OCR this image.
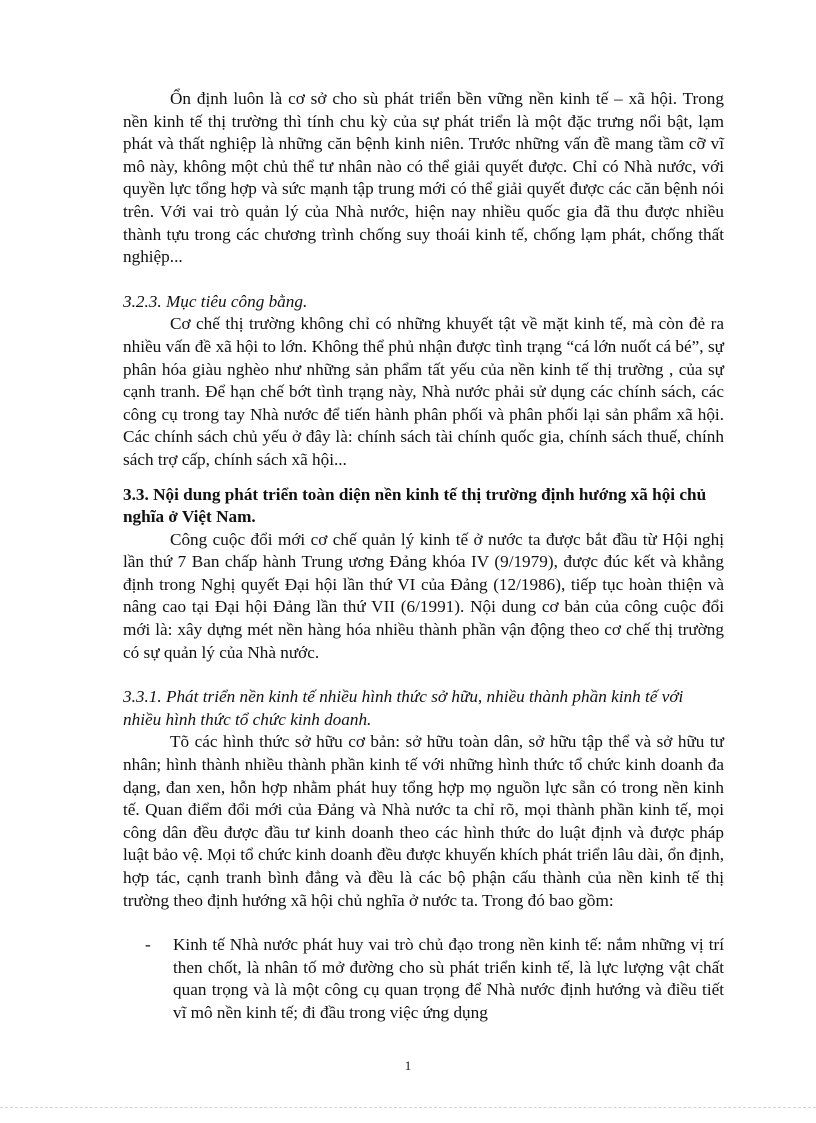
Ổn định luôn là cơ sở cho sù phát triển bền vững nền kinh tế – xã hội. Trong nền kinh tế thị trường thì tính chu kỳ của sự phát triển là một đặc trưng nổi bật, lạm phát và thất nghiệp là những căn bệnh kinh niên. Trước những vấn đề mang tầm cỡ vĩ mô này, không một chủ thể tư nhân nào có thể giải quyết được. Chỉ có Nhà nước, với quyền lực tổng hợp và sức mạnh tập trung mới có thể giải quyết được các căn bệnh nói trên. Với vai trò quản lý của Nhà nước, hiện nay nhiều quốc gia đã thu được nhiều thành tựu trong các chương trình chống suy thoái kinh tế, chống lạm phát, chống thất nghiệp...

3.2.3. Mục tiêu công bằng.

Cơ chế thị trường không chỉ có những khuyết tật về mặt kinh tế, mà còn đẻ ra nhiều vấn đề xã hội to lớn. Không thể phủ nhận được tình trạng “cá lớn nuốt cá bé”, sự phân hóa giàu nghèo như những sản phẩm tất yếu của nền kinh tế thị trường , của sự cạnh tranh. Để hạn chế bớt tình trạng này, Nhà nước phải sử dụng các chính sách, các công cụ trong tay Nhà nước để tiến hành phân phối và phân phối lại sản phẩm xã hội. Các chính sách chủ yếu ở đây là: chính sách tài chính quốc gia, chính sách thuế, chính sách trợ cấp, chính sách xã hội...

3.3. Nội dung phát triển toàn diện nền kinh tế thị trường định hướng xã hội chủ nghĩa ở Việt Nam.

Công cuộc đổi mới cơ chế quản lý kinh tế ở nước ta được bắt đầu từ Hội nghị lần thứ 7 Ban chấp hành Trung ương Đảng khóa IV (9/1979), được đúc kết và khẳng định trong Nghị quyết Đại hội lần thứ VI của Đảng (12/1986), tiếp tục hoàn thiện và nâng cao tại Đại hội Đảng lần thứ VII (6/1991). Nội dung cơ bản của công cuộc đổi mới là: xây dựng mét nền hàng hóa nhiều thành phần vận động theo cơ chế thị trường có sự quản lý của Nhà nước.

3.3.1. Phát triển nền kinh tế nhiều hình thức sở hữu, nhiều thành phần kinh tế với nhiều hình thức tổ chức kinh doanh.

Tõ các hình thức sở hữu cơ bản: sở hữu toàn dân, sở hữu tập thể và sở hữu tư nhân; hình thành nhiều thành phần kinh tế với những hình thức tổ chức kinh doanh đa dạng, đan xen, hỗn hợp nhằm phát huy tổng hợp mọ nguồn lực sẵn có trong nền kinh tế. Quan điểm đổi mới của Đảng và Nhà nước ta chỉ rõ, mọi thành phần kinh tế, mọi công dân đều được đầu tư kinh doanh theo các hình thức do luật định và được pháp luật bảo vệ. Mọi tổ chức kinh doanh đều được khuyến khích phát triển lâu dài, ổn định, hợp tác, cạnh tranh bình đẳng và đều là các bộ phận cấu thành của nền kinh tế thị trường theo định hướng xã hội chủ nghĩa ở nước ta. Trong đó bao gồm:

-	Kinh tế Nhà nước phát huy vai trò chủ đạo trong nền kinh tế: nắm những vị trí then chốt, là nhân tố mở đường cho sù phát triển kinh tế, là lực lượng vật chất quan trọng và là một công cụ quan trọng để Nhà nước định hướng và điều tiết vĩ mô nền kinh tế; đi đầu trong việc ứng dụng

1
